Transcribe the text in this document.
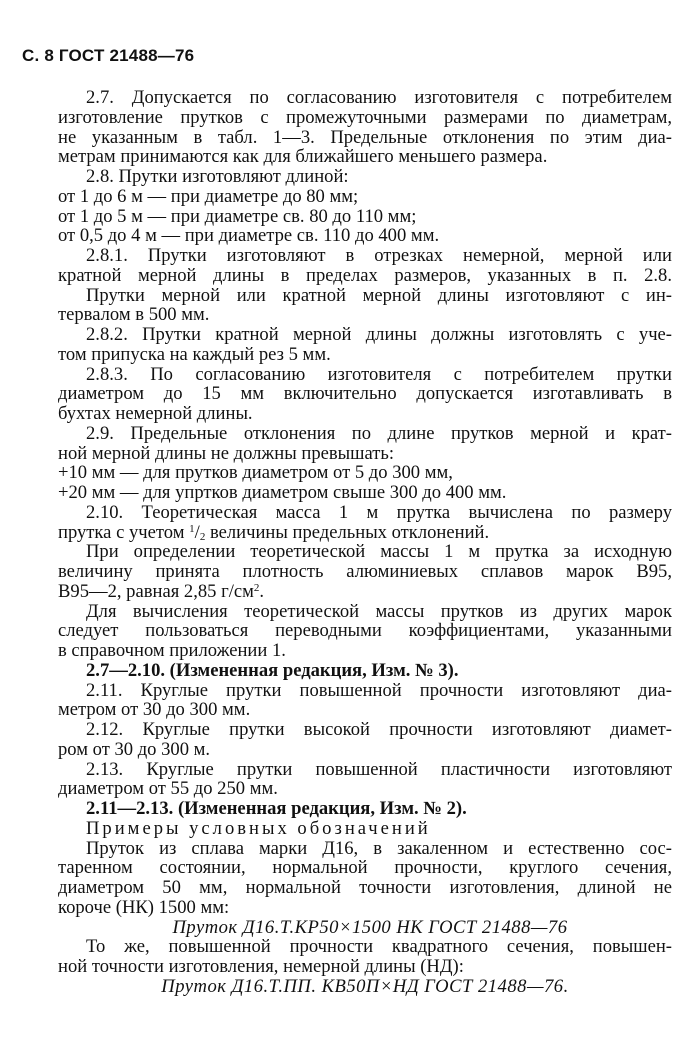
С. 8 ГОСТ 21488—76
2.7. Допускается по согласованию изготовителя с потребителем
изготовление прутков с промежуточными размерами по диаметрам,
не указанным в табл. 1—3. Предельные отклонения по этим диа-
метрам принимаются как для ближайшего меньшего размера.
2.8. Прутки изготовляют длиной:
от 1 до 6 м — при диаметре до 80 мм;
от 1 до 5 м — при диаметре св. 80 до 110 мм;
от 0,5 до 4 м — при диаметре св. 110 до 400 мм.
2.8.1. Прутки изготовляют в отрезках немерной, мерной или
кратной мерной длины в пределах размеров, указанных в п. 2.8.
Прутки мерной или кратной мерной длины изготовляют с ин-
тервалом в 500 мм.
2.8.2. Прутки кратной мерной длины должны изготовлять с уче-
том припуска на каждый рез 5 мм.
2.8.3. По согласованию изготовителя с потребителем прутки
диаметром до 15 мм включительно допускается изготавливать в
бухтах немерной длины.
2.9. Предельные отклонения по длине прутков мерной и крат-
ной мерной длины не должны превышать:
+10 мм — для прутков диаметром от 5 до 300 мм,
+20 мм — для упртков диаметром свыше 300 до 400 мм.
2.10. Теоретическая масса 1 м прутка вычислена по размеру
прутка с учетом $^1/_2$ величины предельных отклонений.
При определении теоретической массы 1 м прутка за исходную
величину принята плотность алюминиевых сплавов марок В95,
В95—2, равная 2,85 $г/см^2$.
Для вычисления теоретической массы прутков из других марок
следует пользоваться переводными коэффициентами, указанными
в справочном приложении 1.
2.7—2.10. (Измененная редакция, Изм. № 3).
2.11. Круглые прутки повышенной прочности изготовляют диа-
метром от 30 до 300 мм.
2.12. Круглые прутки высокой прочности изготовляют диамет-
ром от 30 до 300 м.
2.13. Круглые прутки повышенной пластичности изготовляют
диаметром от 55 до 250 мм.
2.11—2.13. (Измененная редакция, Изм. № 2).
Примеры условных обозначений
Пруток из сплава марки Д16, в закаленном и естественно сос-
таренном состоянии, нормальной прочности, круглого сечения,
диаметром 50 мм, нормальной точности изготовления, длиной не
короче (НК) 1500 мм:
Пруток Д16.Т.КР50×1500 НК ГОСТ 21488—76
То же, повышенной прочности квадратного сечения, повышен-
ной точности изготовления, немерной длины (НД):
Пруток Д16.Т.ПП. КВ50П×НД ГОСТ 21488—76.
